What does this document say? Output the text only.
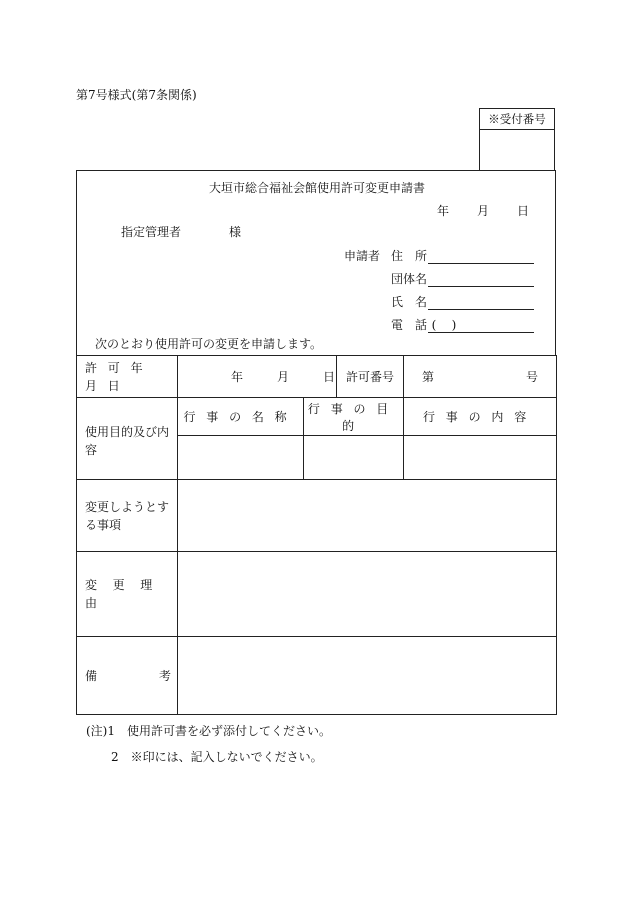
第7号様式(第7条関係)
※受付番号
大垣市総合福祉会館使用許可変更申請書
年 月 日
指定管理者	様
申請者 住　所
団体名
氏　名
電　話 ( )
次のとおり使用許可の変更を申請します。
許可年月日	年 月 日		許可番号	第 号
使用目的及び内容	行事の名称	行事の目的		行事の内容

変更しようとする事項				
変更理由				
備 考				

(注)1 使用許可書を必ず添付してください。
2 ※印には、記入しないでください。
